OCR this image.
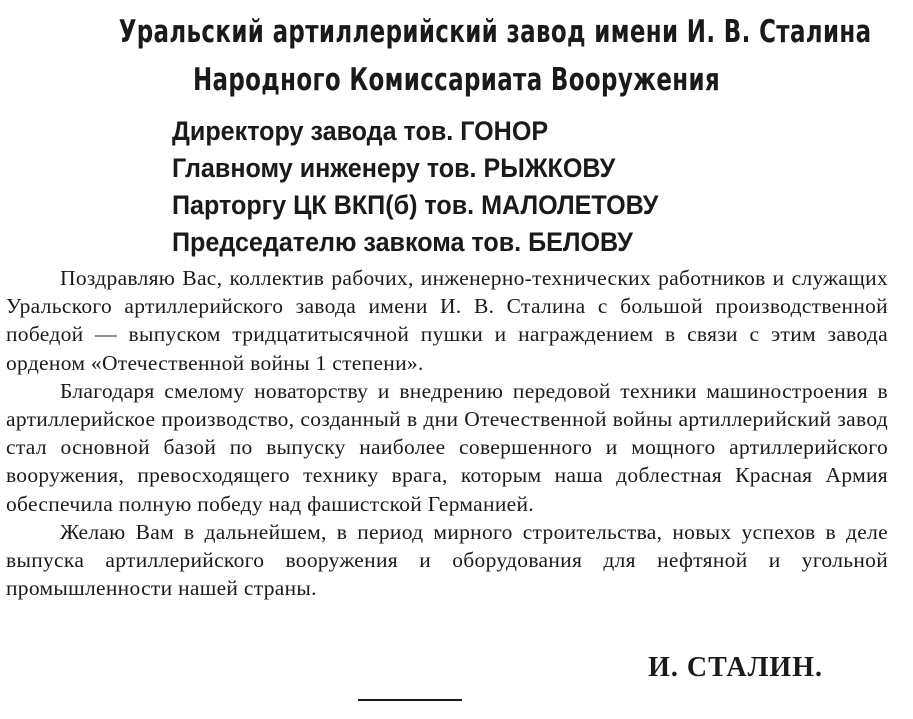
Уральский артиллерийский завод имени И. В. Сталина
Народного Комиссариата Вооружения
Директору завода тов. ГОНОР
Главному инженеру тов. РЫЖКОВУ
Парторгу ЦК ВКП(б) тов. МАЛОЛЕТОВУ
Председателю завкома тов. БЕЛОВУ

Поздравляю Вас, коллектив рабочих, инженерно-технических работников и служащих Уральского артиллерийского завода имени И. В. Сталина с большой производственной победой — выпуском тридцатитысячной пушки и награждением в связи с этим завода орденом «Отечественной войны 1 степени».

Благодаря смелому новаторству и внедрению передовой техники машиностроения в артиллерийское производство, созданный в дни Отечественной войны артиллерийский завод стал основной базой по выпуску наиболее совершенного и мощного артиллерийского вооружения, превосходящего технику врага, которым наша доблестная Красная Армия обеспечила полную победу над фашистской Германией.

Желаю Вам в дальнейшем, в период мирного строительства, новых успехов в деле выпуска артиллерийского вооружения и оборудования для нефтяной и угольной промышленности нашей страны.

И. СТАЛИН.
